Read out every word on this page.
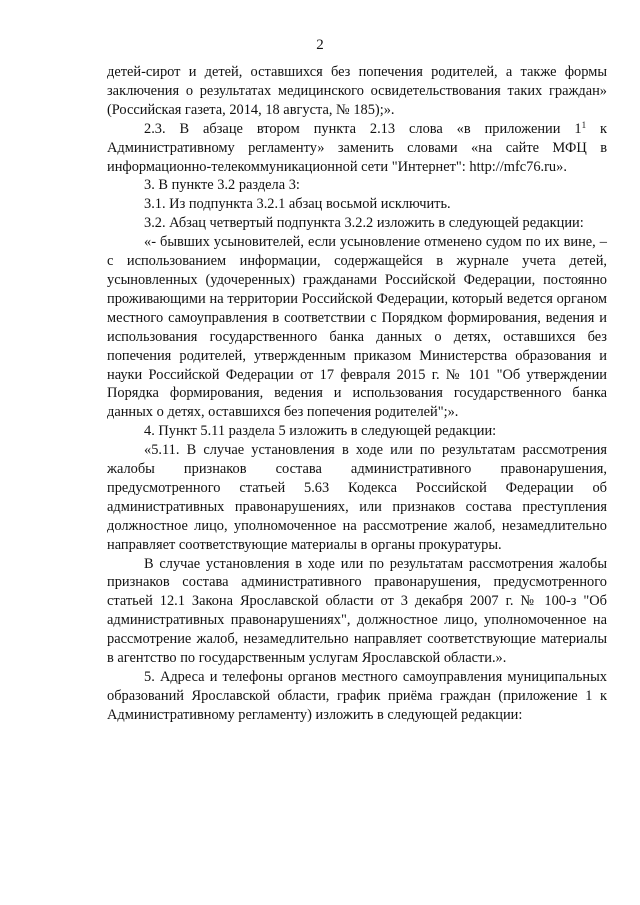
2

детей-сирот и детей, оставшихся без попечения родителей, а также формы заключения о результатах медицинского освидетельствования таких граждан» (Российская газета, 2014, 18 августа, № 185);».

2.3. В абзаце втором пункта 2.13 слова «в приложении $1^1$ к Административному регламенту» заменить словами «на сайте МФЦ в информационно-телекоммуникационной сети "Интернет": http://mfc76.ru».

3. В пункте 3.2 раздела 3:

3.1. Из подпункта 3.2.1 абзац восьмой исключить.

3.2. Абзац четвертый подпункта 3.2.2 изложить в следующей редакции:

«- бывших усыновителей, если усыновление отменено судом по их вине, – с использованием информации, содержащейся в журнале учета детей, усыновленных (удочеренных) гражданами Российской Федерации, постоянно проживающими на территории Российской Федерации, который ведется органом местного самоуправления в соответствии с Порядком формирования, ведения и использования государственного банка данных о детях, оставшихся без попечения родителей, утвержденным приказом Министерства образования и науки Российской Федерации от 17 февраля 2015 г. № 101 "Об утверждении Порядка формирования, ведения и использования государственного банка данных о детях, оставшихся без попечения родителей";».

4. Пункт 5.11 раздела 5 изложить в следующей редакции:

«5.11. В случае установления в ходе или по результатам рассмотрения жалобы признаков состава административного правонарушения, предусмотренного статьей 5.63 Кодекса Российской Федерации об административных правонарушениях, или признаков состава преступления должностное лицо, уполномоченное на рассмотрение жалоб, незамедлительно направляет соответствующие материалы в органы прокуратуры.

В случае установления в ходе или по результатам рассмотрения жалобы признаков состава административного правонарушения, предусмотренного статьей 12.1 Закона Ярославской области от 3 декабря 2007 г. № 100-з "Об административных правонарушениях", должностное лицо, уполномоченное на рассмотрение жалоб, незамедлительно направляет соответствующие материалы в агентство по государственным услугам Ярославской области.».

5. Адреса и телефоны органов местного самоуправления муниципальных образований Ярославской области, график приёма граждан (приложение 1 к Административному регламенту) изложить в следующей редакции:
